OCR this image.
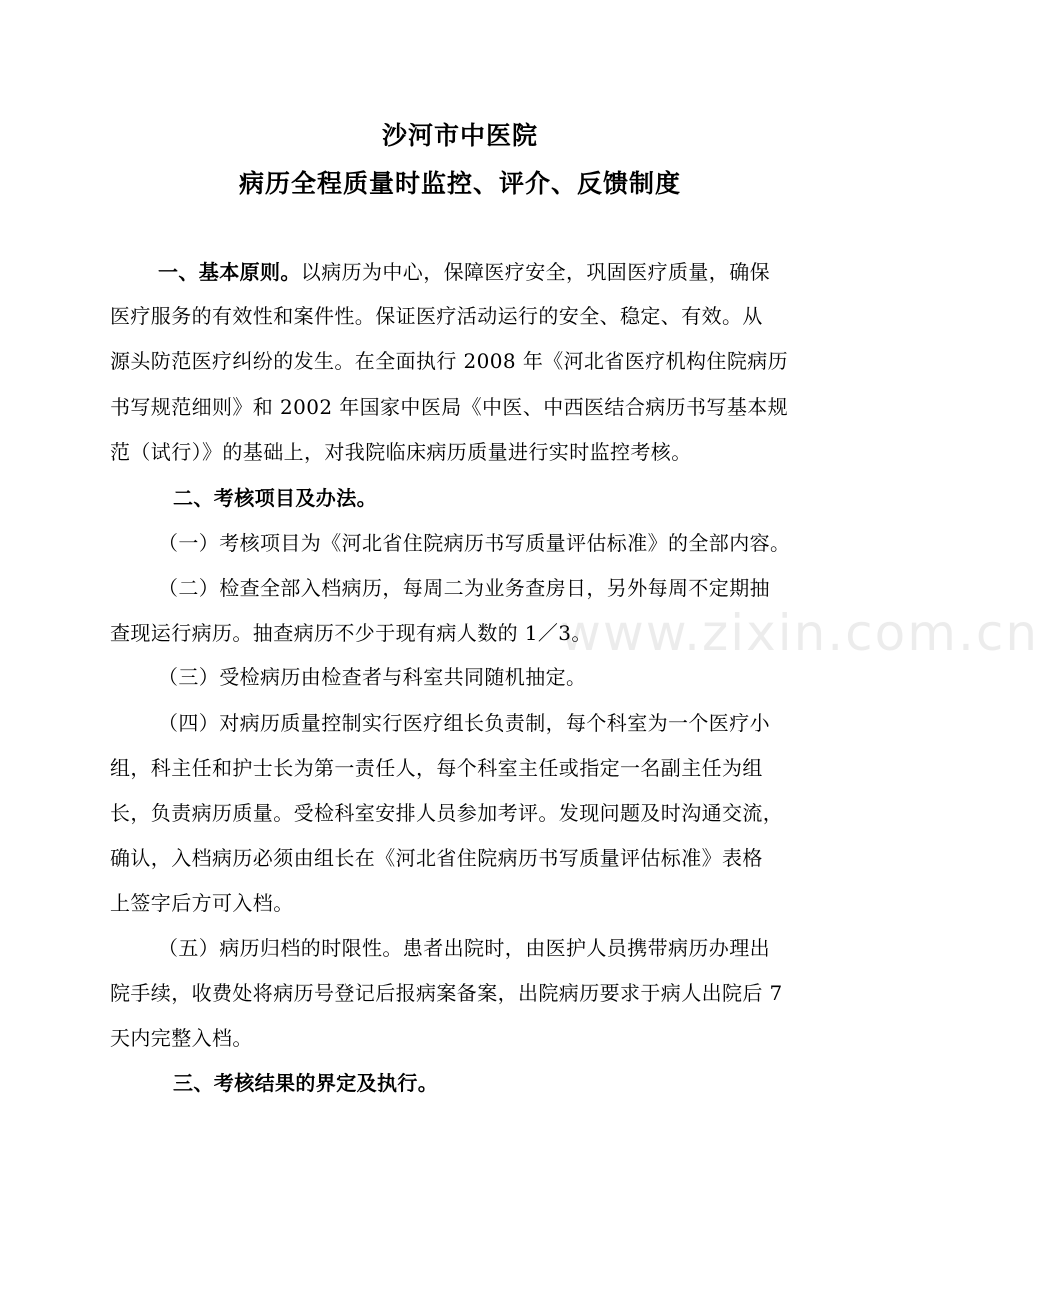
沙河市中医院
病历全程质量时监控、评介、反馈制度
一、基本原则。以病历为中心，保障医疗安全，巩固医疗质量，确保
医疗服务的有效性和案件性。保证医疗活动运行的安全、稳定、有效。从
源头防范医疗纠纷的发生。在全面执行 2008 年《河北省医疗机构住院病历
书写规范细则》和 2002 年国家中医局《中医、中西医结合病历书写基本规
范（试行）》的基础上，对我院临床病历质量进行实时监控考核。
二、考核项目及办法。
（一）考核项目为《河北省住院病历书写质量评估标准》的全部内容。
（二）检查全部入档病历，每周二为业务查房日，另外每周不定期抽
查现运行病历。抽查病历不少于现有病人数的 1／3。
（三）受检病历由检查者与科室共同随机抽定。
（四）对病历质量控制实行医疗组长负责制，每个科室为一个医疗小
组，科主任和护士长为第一责任人，每个科室主任或指定一名副主任为组
长，负责病历质量。受检科室安排人员参加考评。发现问题及时沟通交流，
确认，入档病历必须由组长在《河北省住院病历书写质量评估标准》表格
上签字后方可入档。
（五）病历归档的时限性。患者出院时，由医护人员携带病历办理出
院手续，收费处将病历号登记后报病案备案，出院病历要求于病人出院后 7
天内完整入档。
三、考核结果的界定及执行。
www.zixin.com.cn
